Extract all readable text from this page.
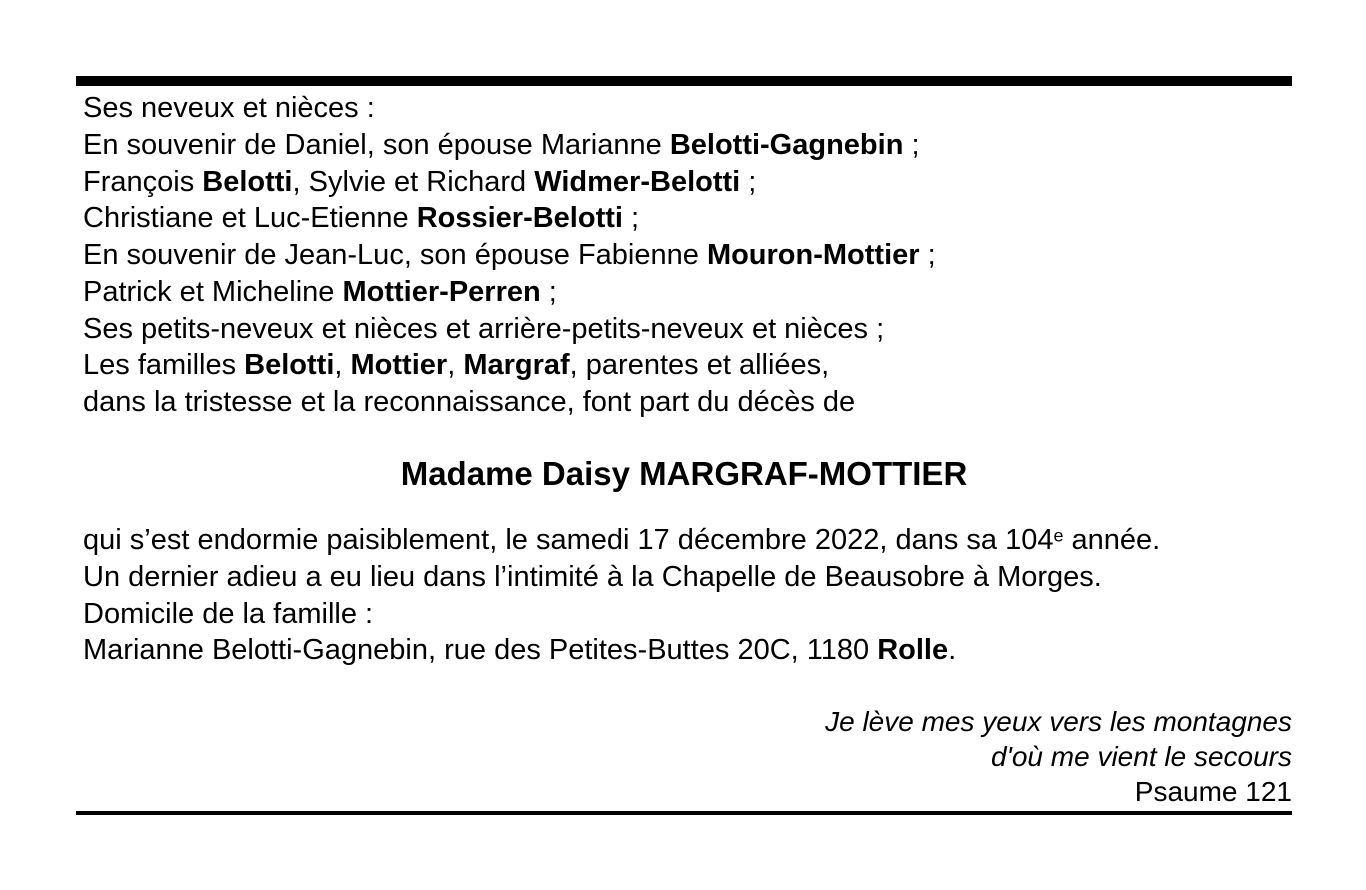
Ses neveux et nièces :
En souvenir de Daniel, son épouse Marianne Belotti-Gagnebin ;
François Belotti, Sylvie et Richard Widmer-Belotti ;
Christiane et Luc-Etienne Rossier-Belotti ;
En souvenir de Jean-Luc, son épouse Fabienne Mouron-Mottier ;
Patrick et Micheline Mottier-Perren ;
Ses petits-neveux et nièces et arrière-petits-neveux et nièces ;
Les familles Belotti, Mottier, Margraf, parentes et alliées,
dans la tristesse et la reconnaissance, font part du décès de
Madame Daisy MARGRAF-MOTTIER
qui s’est endormie paisiblement, le samedi 17 décembre 2022, dans sa 104e année.
Un dernier adieu a eu lieu dans l’intimité à la Chapelle de Beausobre à Morges.
Domicile de la famille :
Marianne Belotti-Gagnebin, rue des Petites-Buttes 20C, 1180 Rolle.
Je lève mes yeux vers les montagnes
d'où me vient le secours
Psaume 121
